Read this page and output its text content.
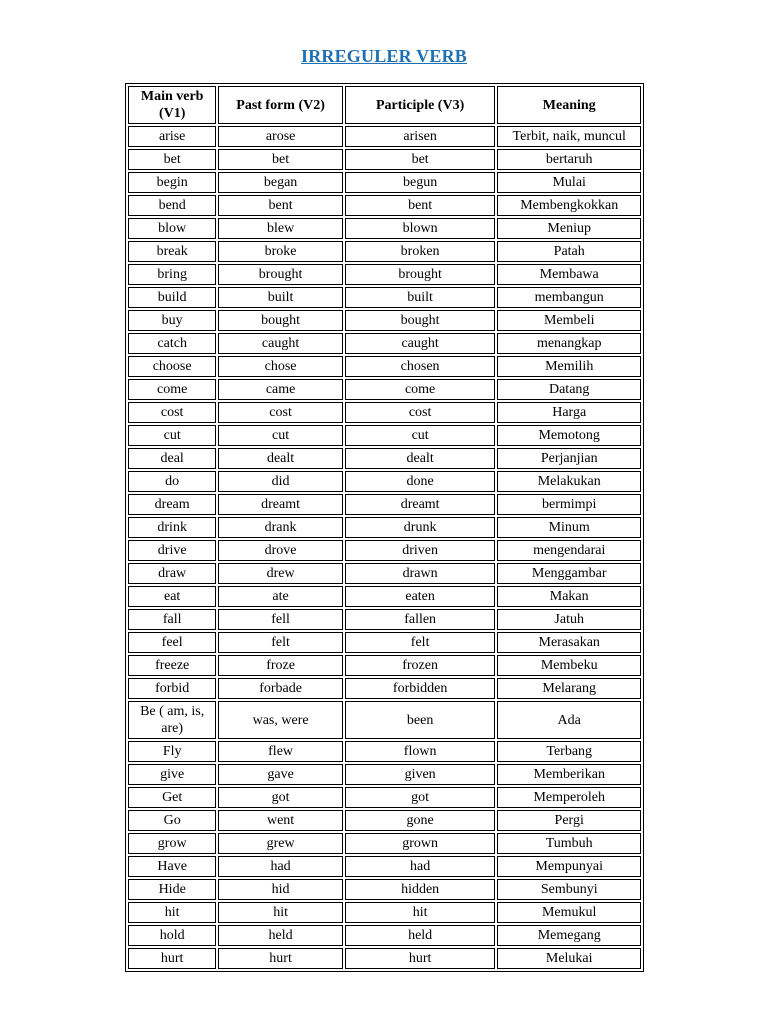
IRREGULER VERB
Main verb (V1)	Past form (V2)	Participle (V3)	Meaning
arise	arose	arisen	Terbit, naik, muncul
bet	bet	bet	bertaruh
begin	began	begun	Mulai
bend	bent	bent	Membengkokkan
blow	blew	blown	Meniup
break	broke	broken	Patah
bring	brought	brought	Membawa
build	built	built	membangun
buy	bought	bought	Membeli
catch	caught	caught	menangkap
choose	chose	chosen	Memilih
come	came	come	Datang
cost	cost	cost	Harga
cut	cut	cut	Memotong
deal	dealt	dealt	Perjanjian
do	did	done	Melakukan
dream	dreamt	dreamt	bermimpi
drink	drank	drunk	Minum
drive	drove	driven	mengendarai
draw	drew	drawn	Menggambar
eat	ate	eaten	Makan
fall	fell	fallen	Jatuh
feel	felt	felt	Merasakan
freeze	froze	frozen	Membeku
forbid	forbade	forbidden	Melarang
Be ( am, is, are)	was, were	been	Ada
Fly	flew	flown	Terbang
give	gave	given	Memberikan
Get	got	got	Memperoleh
Go	went	gone	Pergi
grow	grew	grown	Tumbuh
Have	had	had	Mempunyai
Hide	hid	hidden	Sembunyi
hit	hit	hit	Memukul
hold	held	held	Memegang
hurt	hurt	hurt	Melukai
